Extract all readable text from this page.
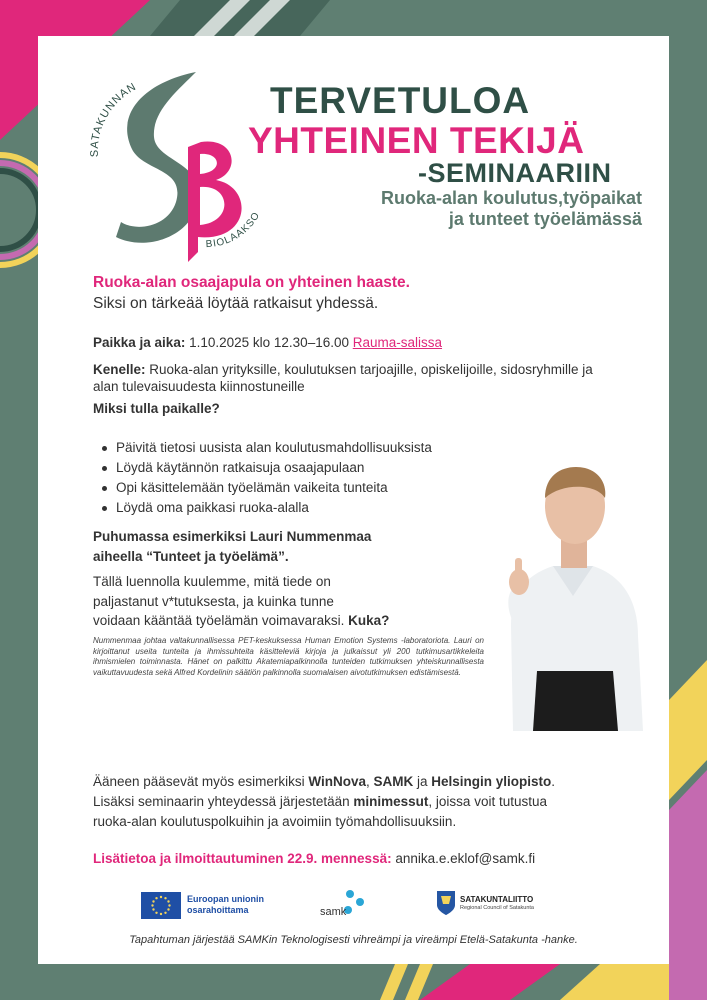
SATAKUNNAN
BIOLAAKSO
TERVETULOA
YHTEINEN TEKIJÄ
-SEMINAARIIN
Ruoka-alan koulutus,työpaikat
ja tunteet työelämässä
Ruoka-alan osaajapula on yhteinen haaste.
Siksi on tärkeää löytää ratkaisut yhdessä.
Paikka ja aika: 1.10.2025 klo 12.30–16.00 Rauma-salissa
Kenelle: Ruoka-alan yrityksille, koulutuksen tarjoajille, opiskelijoille, sidosryhmille ja alan tulevaisuudesta kiinnostuneille
Miksi tulla paikalle?
Päivitä tietosi uusista alan koulutusmahdollisuuksista
Löydä käytännön ratkaisuja osaajapulaan
Opi käsittelemään työelämän vaikeita tunteita
Löydä oma paikkasi ruoka-alalla
Puhumassa esimerkiksi Lauri Nummenmaa
aiheella “Tunteet ja työelämä”.
Tällä luennolla kuulemme, mitä tiede on
paljastanut v*tutuksesta, ja kuinka tunne
voidaan kääntää työelämän voimavaraksi. Kuka?
Nummenmaa johtaa valtakunnallisessa PET-keskuksessa Human Emotion Systems -laboratoriota. Lauri on kirjoittanut useita tunteita ja ihmissuhteita käsitteleviä kirjoja ja julkaissut yli 200 tutkimusartikkeleita ihmismielen toiminnasta. Hänet on palkittu Akatemiapalkinnolla tunteiden tutkimuksen yhteiskunnallisesta vaikuttavuudesta sekä Alfred Kordelinin säätiön palkinnolla suomalaisen aivotutkimuksen edistämisestä.
Ääneen pääsevät myös esimerkiksi WinNova, SAMK ja Helsingin yliopisto.
Lisäksi seminaarin yhteydessä järjestetään minimessut, joissa voit tutustua
ruoka-alan koulutuspolkuihin ja avoimiin työmahdollisuuksiin.
Lisätietoa ja ilmoittautuminen 22.9. mennessä: annika.e.eklof@samk.fi
Euroopan unionin
osarahoittama	samk
SATAKUNTALIITTO
Regional Council of Satakunta
Tapahtuman järjestää SAMKin Teknologisesti vihreämpi ja vireämpi Etelä-Satakunta -hanke.
